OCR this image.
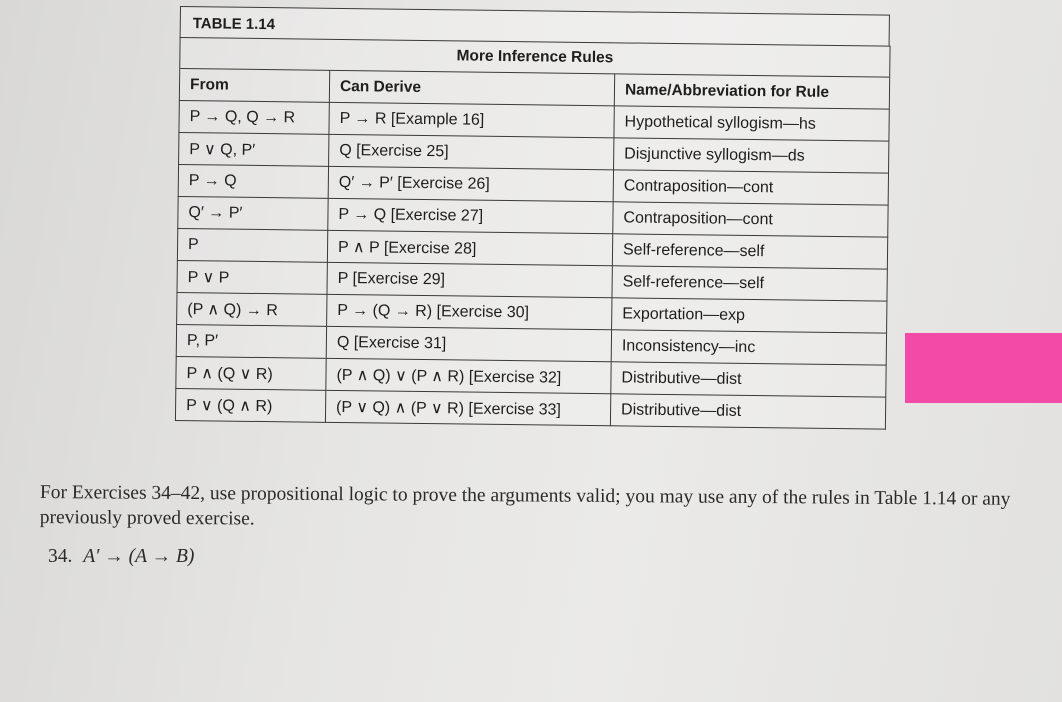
TABLE 1.14
More Inference Rules		
From	Can Derive	Name/Abbreviation for Rule
P → Q, Q → R	P → R [Example 16]	Hypothetical syllogism—hs
P ∨ Q, P′	Q [Exercise 25]	Disjunctive syllogism—ds
P → Q	Q′ → P′ [Exercise 26]	Contraposition—cont
Q′ → P′	P → Q [Exercise 27]	Contraposition—cont
P	P ∧ P [Exercise 28]	Self-reference—self
P ∨ P	P [Exercise 29]	Self-reference—self
(P ∧ Q) → R	P → (Q → R) [Exercise 30]	Exportation—exp
P, P′	Q [Exercise 31]	Inconsistency—inc
P ∧ (Q ∨ R)	(P ∧ Q) ∨ (P ∧ R) [Exercise 32]	Distributive—dist
P ∨ (Q ∧ R)	(P ∨ Q) ∧ (P ∨ R) [Exercise 33]	Distributive—dist
For Exercises 34–42, use propositional logic to prove the arguments valid; you may use any of the rules in Table 1.14 or any previously proved exercise.
34. A′ → (A → B)
